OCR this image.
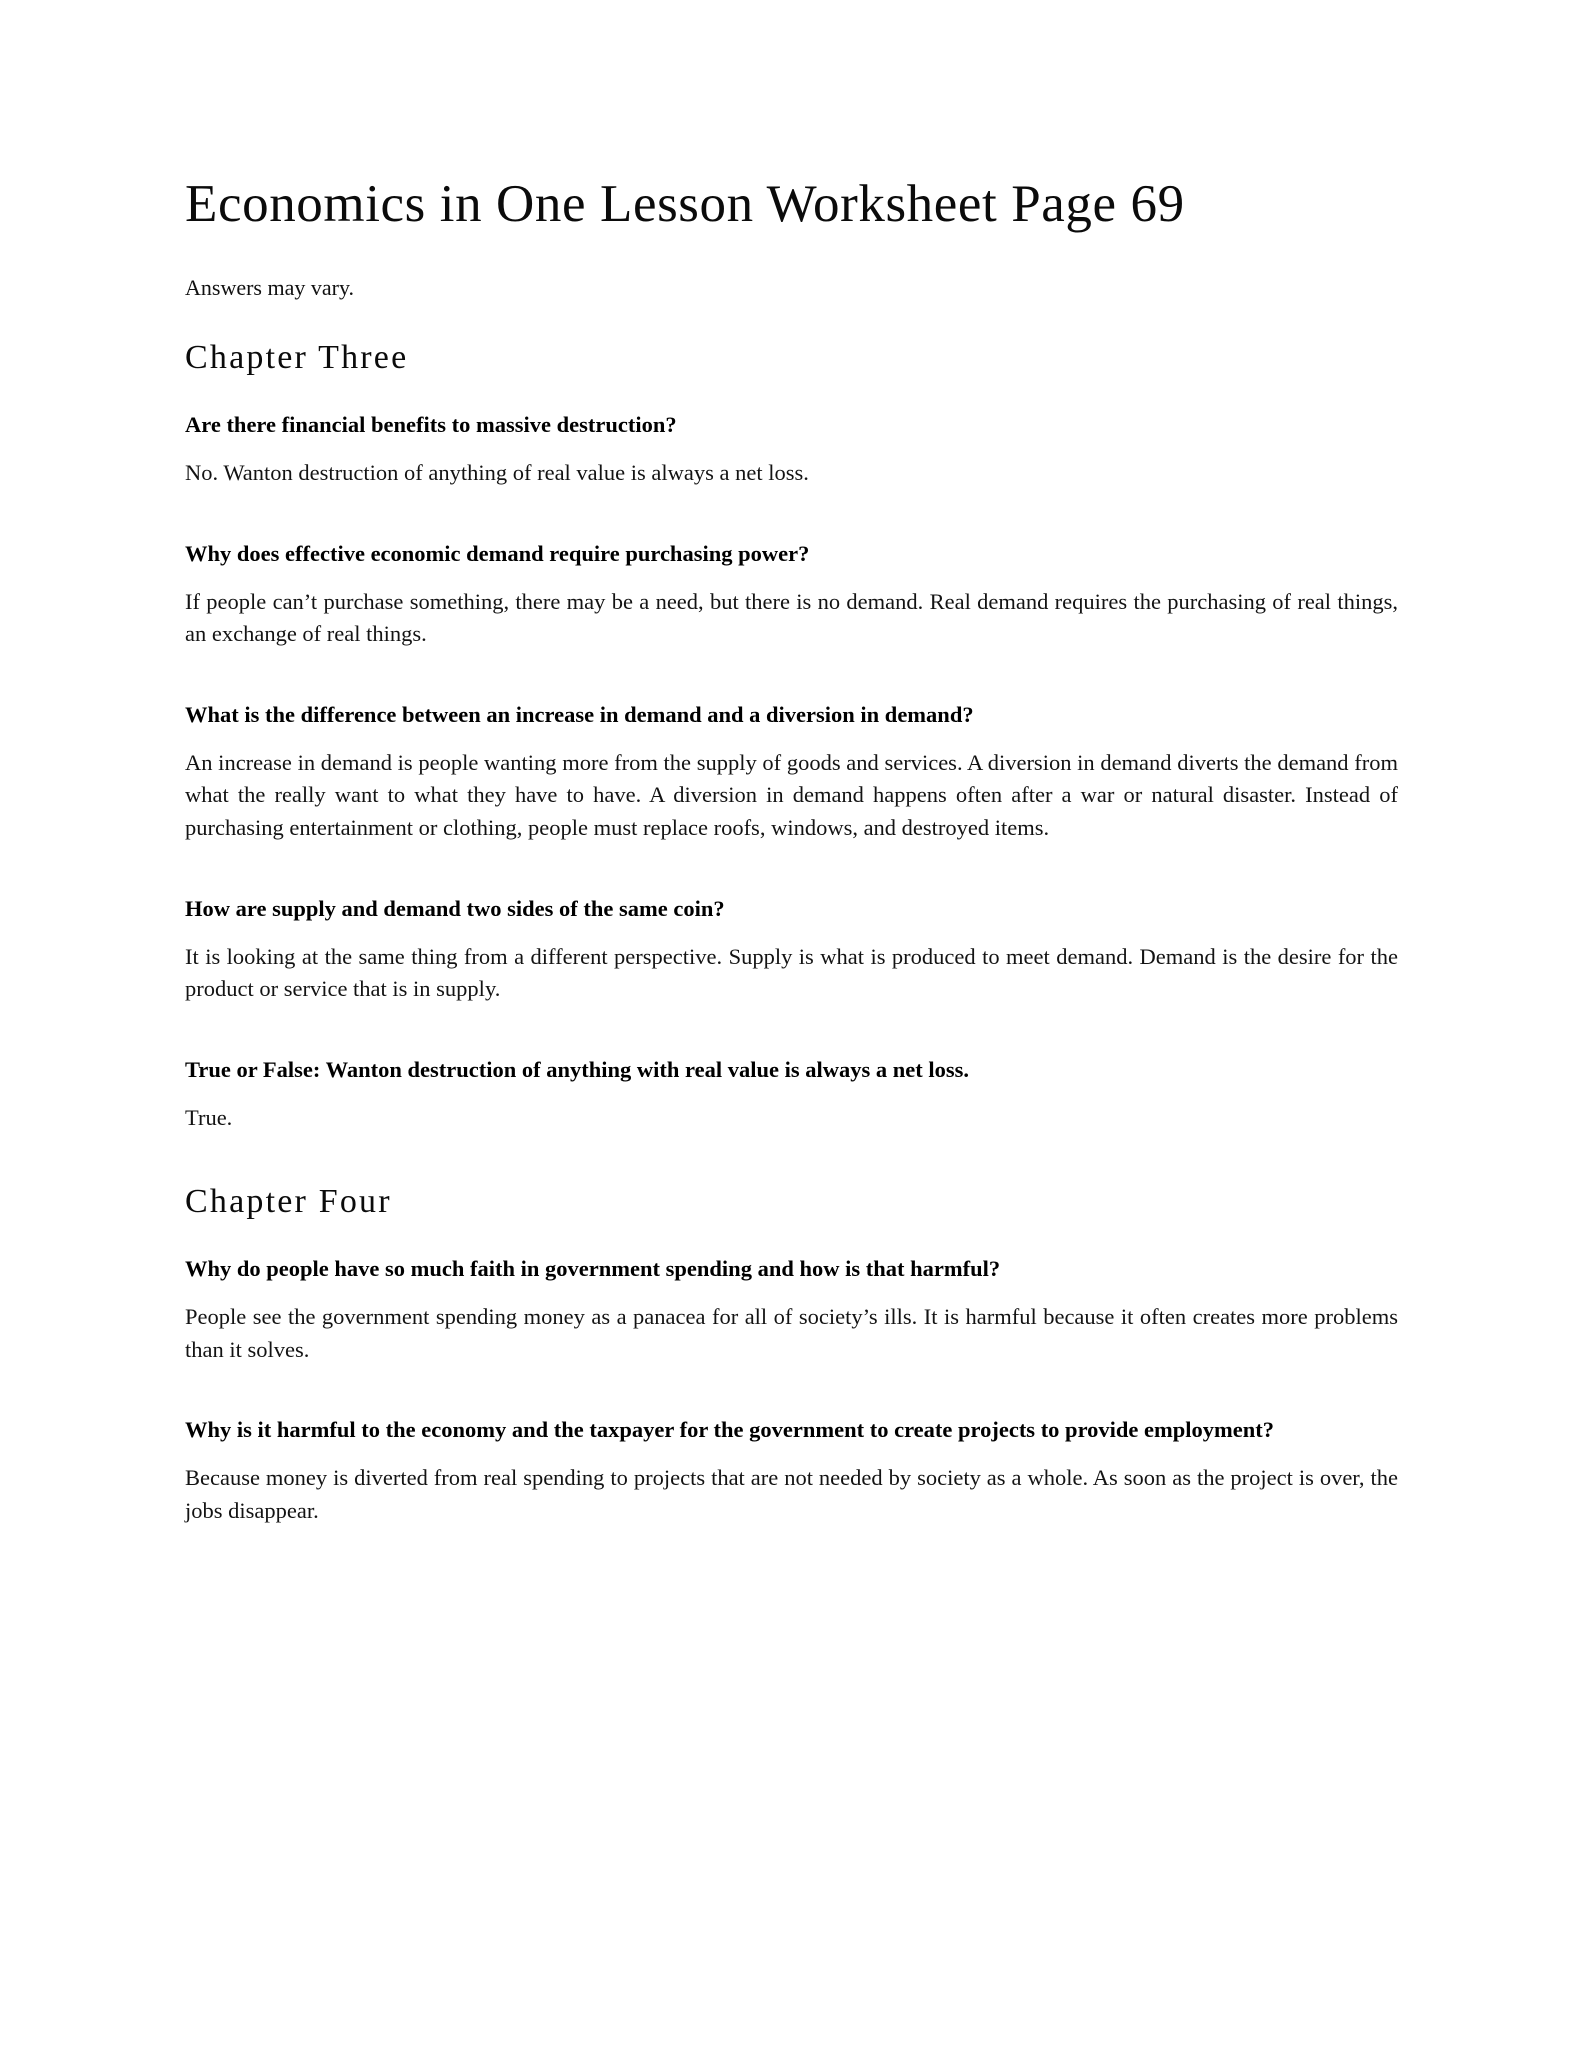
Economics in One Lesson Worksheet Page 69

Answers may vary.

Chapter Three

Are there financial benefits to massive destruction?

No. Wanton destruction of anything of real value is always a net loss.

Why does effective economic demand require purchasing power?

If people can’t purchase something, there may be a need, but there is no demand. Real demand requires the purchasing of real things, an exchange of real things.

What is the difference between an increase in demand and a diversion in demand?

An increase in demand is people wanting more from the supply of goods and services. A diversion in demand diverts the demand from what the really want to what they have to have. A diversion in demand happens often after a war or natural disaster. Instead of purchasing entertainment or clothing, people must replace roofs, windows, and destroyed items.

How are supply and demand two sides of the same coin?

It is looking at the same thing from a different perspective. Supply is what is produced to meet demand. Demand is the desire for the product or service that is in supply.

True or False: Wanton destruction of anything with real value is always a net loss.

True.

Chapter Four

Why do people have so much faith in government spending and how is that harmful?

People see the government spending money as a panacea for all of society’s ills. It is harmful because it often creates more problems than it solves.

Why is it harmful to the economy and the taxpayer for the government to create projects to provide employment?

Because money is diverted from real spending to projects that are not needed by society as a whole. As soon as the project is over, the jobs disappear.
